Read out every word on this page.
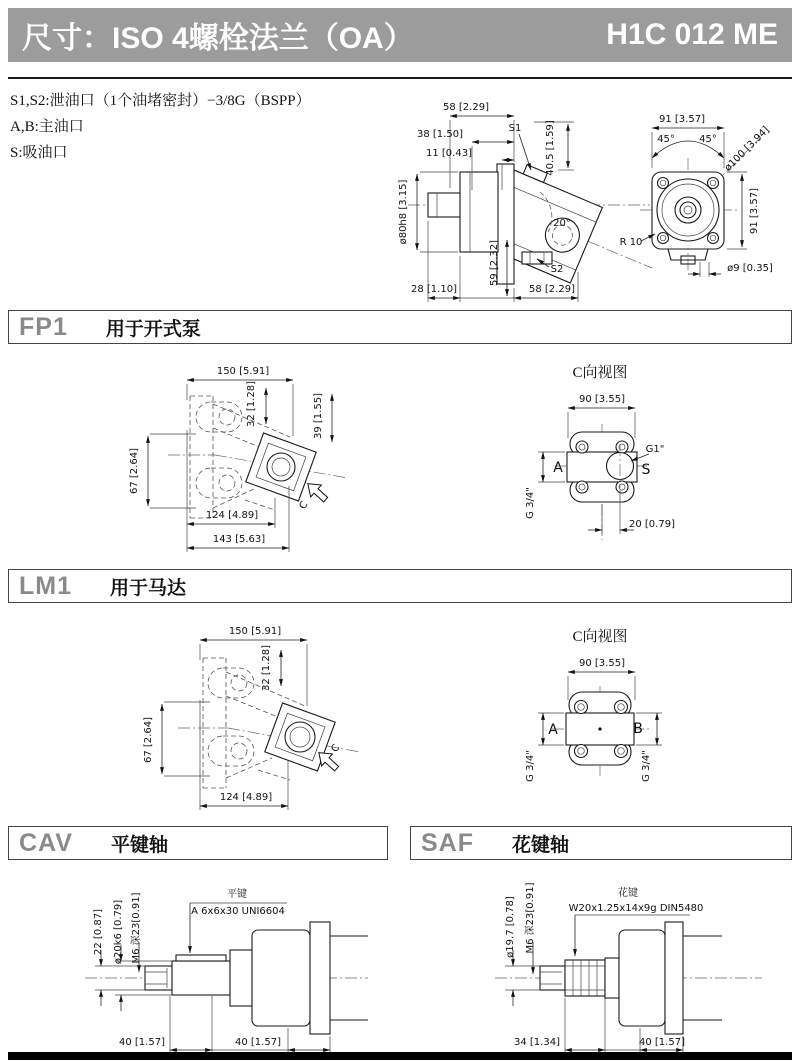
尺寸：ISO 4螺栓法兰（OA）	H1C 012 ME
S1,S2:泄油口（1个油堵密封）−3/8G（BSPP）
A,B:主油口
S:吸油口
58 [2.29]
38 [1.50]
11 [0.43]
S1 40.5 [1.59]
ø80h8 [3.15]	20°
59 [2.32]	S2
28 [1.10]	58 [2.29]
91 [3.57]
45° 45° ø100 [3.94]
91 [3.57]
R 10
ø9 [0.35]
FP1 用于开式泵
C
150 [5.91]
32 [1.28]	39 [1.55]
67 [2.64]
124 [4.89]
143 [5.63]
C向视图
A	S
G1"
90 [3.55]
G 3/4"
20 [0.79]
LM1 用于马达
C
150 [5.91]
32 [1.28]
67 [2.64]
124 [4.89]
C向视图
A	B
90 [3.55]
G 3/4"	G 3/4"
CAV 平键轴	SAF 花键轴
平键
A 6x6x30 UNI6604
22 [0.87] ø20k6 [0.79] M6 深23[0.91]
40 [1.57]	40 [1.57]
花键
W20x1.25x14x9g DIN5480
ø19.7 [0.78] M6 深23[0.91]
34 [1.34]	40 [1.57]
